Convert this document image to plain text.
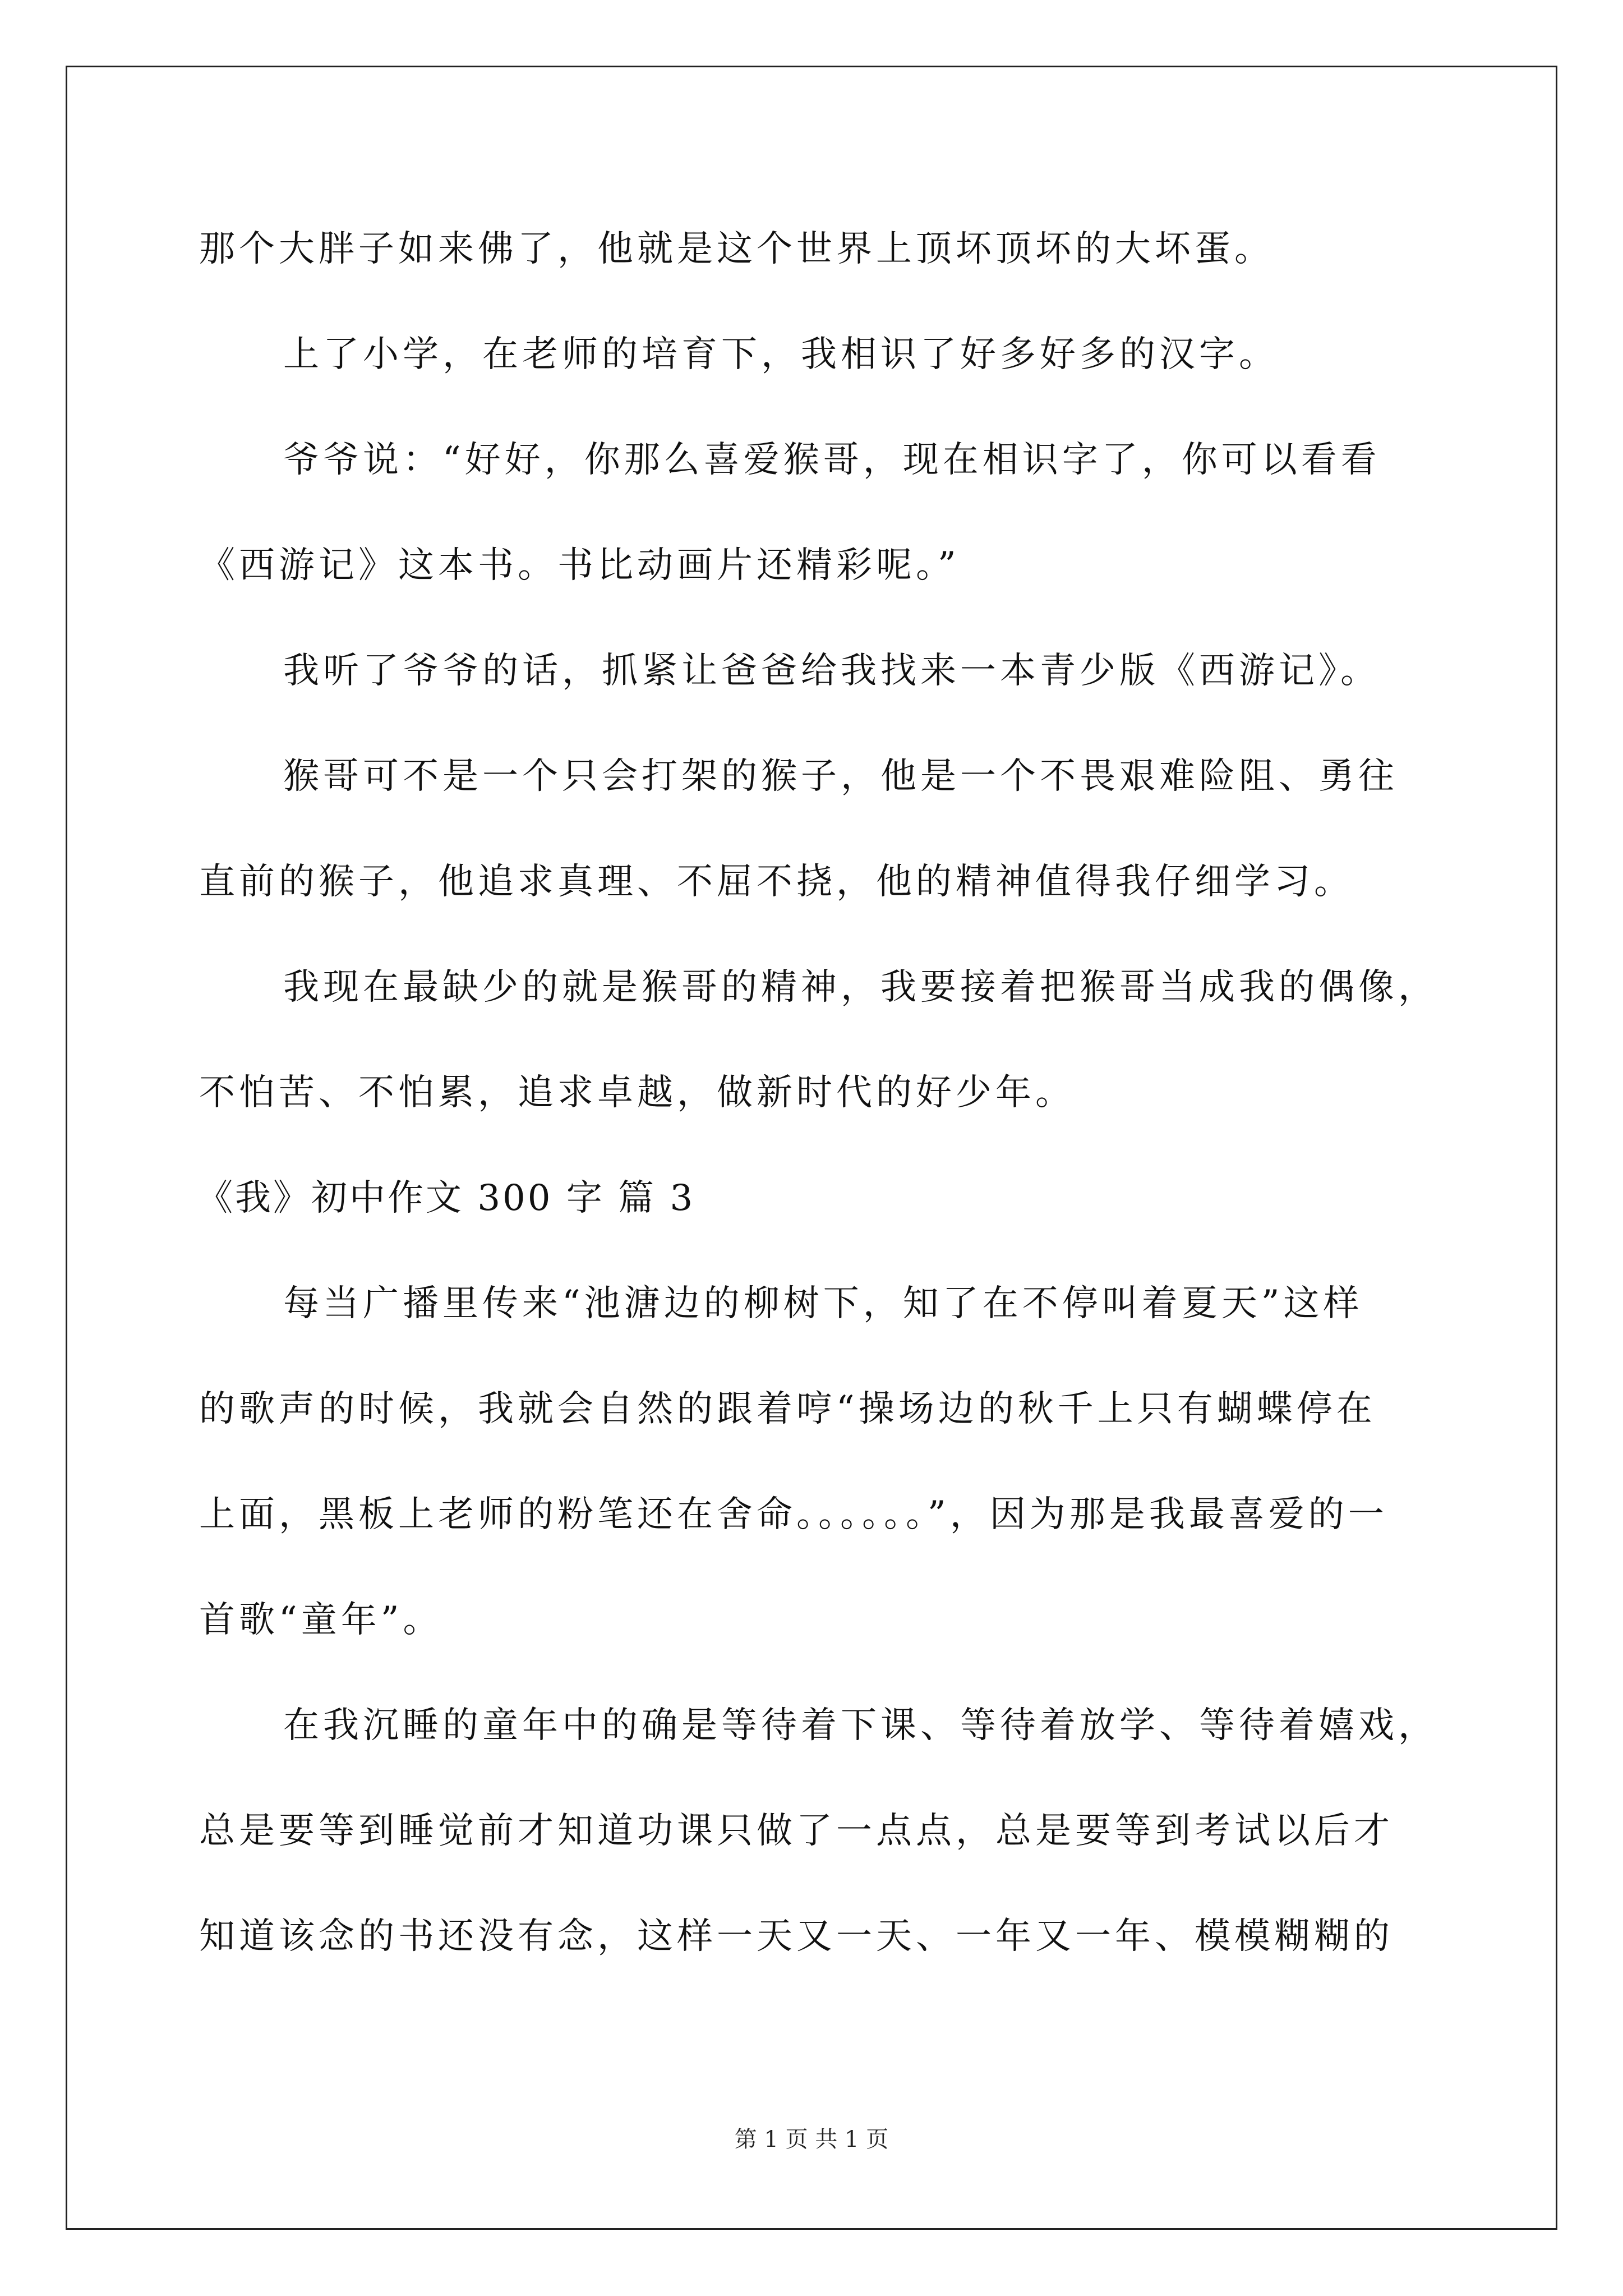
那个大胖子如来佛了，他就是这个世界上顶坏顶坏的大坏蛋。
上了小学，在老师的培育下，我相识了好多好多的汉字。
爷爷说：“好好，你那么喜爱猴哥，现在相识字了，你可以看看
《西游记》这本书。书比动画片还精彩呢。”
我听了爷爷的话，抓紧让爸爸给我找来一本青少版《西游记》。
猴哥可不是一个只会打架的猴子，他是一个不畏艰难险阻、勇往
直前的猴子，他追求真理、不屈不挠，他的精神值得我仔细学习。
我现在最缺少的就是猴哥的精神，我要接着把猴哥当成我的偶像，
不怕苦、不怕累，追求卓越，做新时代的好少年。
《我》初中作文 300 字 篇 3
每当广播里传来“池溏边的柳树下，知了在不停叫着夏天”这样
的歌声的时候，我就会自然的跟着哼“操场边的秋千上只有蝴蝶停在
上面，黑板上老师的粉笔还在舍命。。。。。。”，因为那是我最喜爱的一
首歌“童年”。
在我沉睡的童年中的确是等待着下课、等待着放学、等待着嬉戏，
总是要等到睡觉前才知道功课只做了一点点，总是要等到考试以后才
知道该念的书还没有念，这样一天又一天、一年又一年、模模糊糊的
第 1 页 共 1 页
